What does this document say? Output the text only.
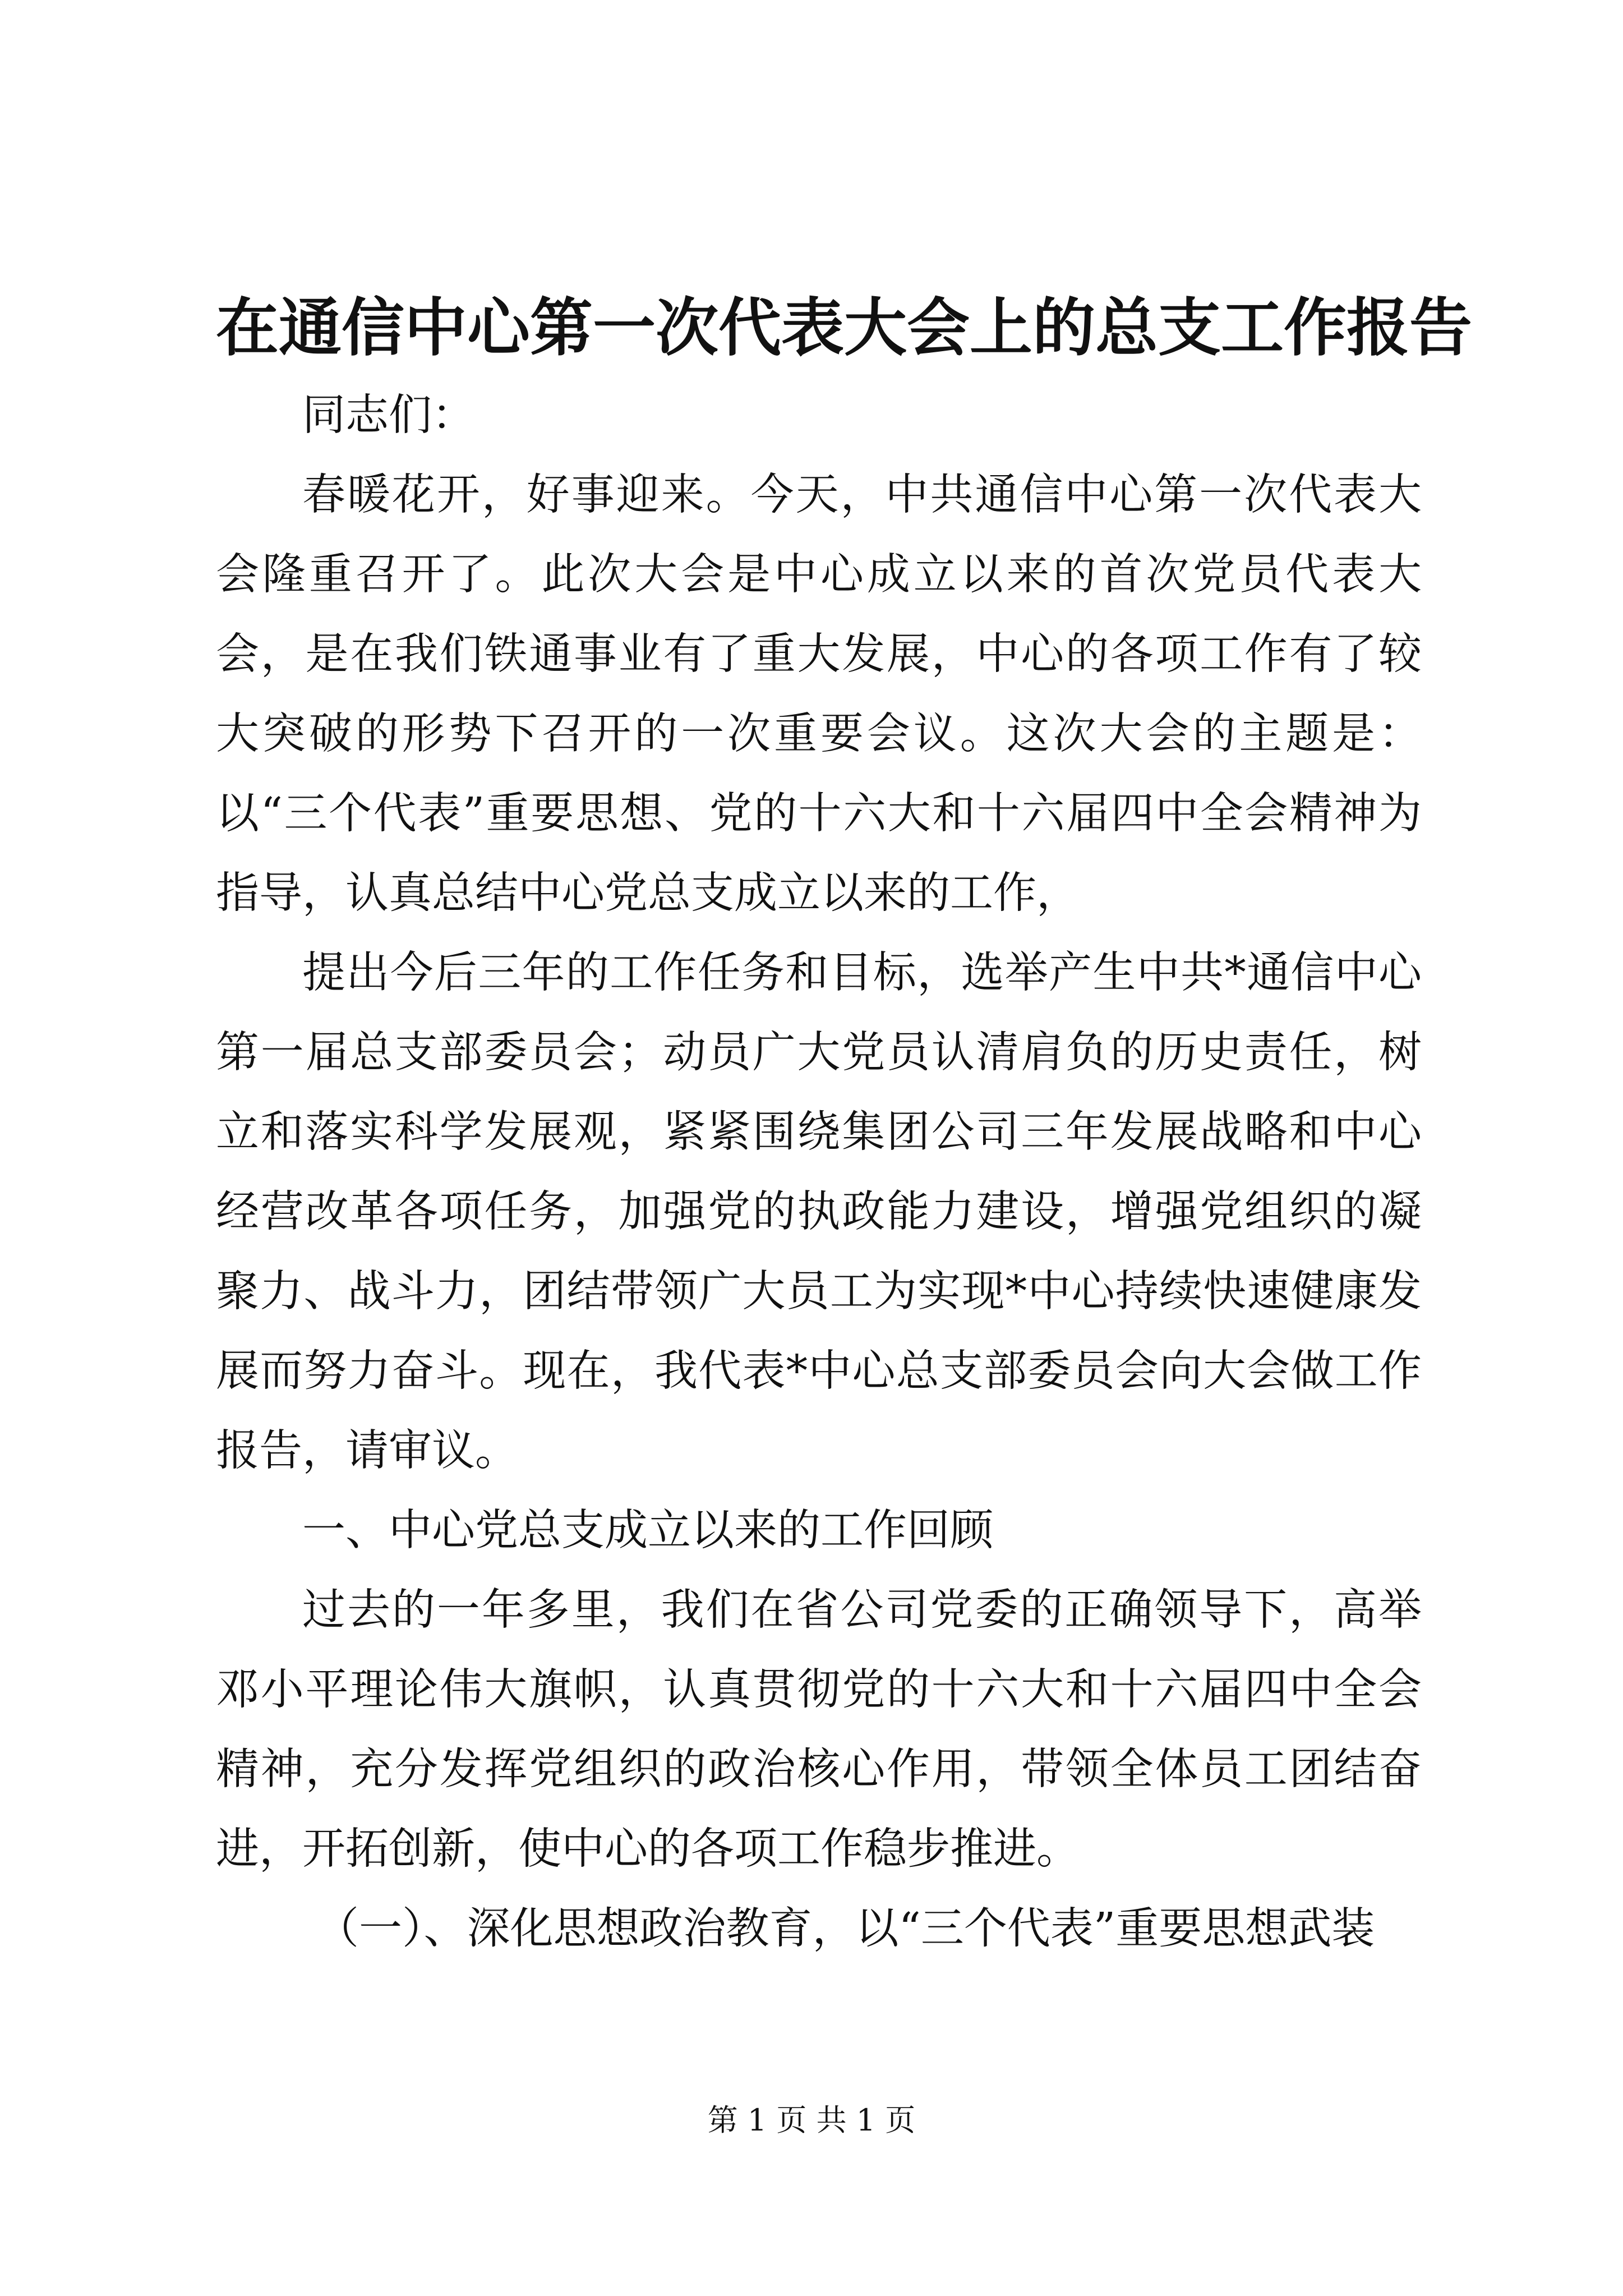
在通信中心第一次代表大会上的总支工作报告

同志们：

春暖花开，好事迎来。今天，中共通信中心第一次代表大会隆重召开了。此次大会是中心成立以来的首次党员代表大会，是在我们铁通事业有了重大发展，中心的各项工作有了较大突破的形势下召开的一次重要会议。这次大会的主题是：以“三个代表”重要思想、党的十六大和十六届四中全会精神为指导，认真总结中心党总支成立以来的工作，

提出今后三年的工作任务和目标，选举产生中共*通信中心第一届总支部委员会；动员广大党员认清肩负的历史责任，树立和落实科学发展观，紧紧围绕集团公司三年发展战略和中心经营改革各项任务，加强党的执政能力建设，增强党组织的凝聚力、战斗力，团结带领广大员工为实现*中心持续快速健康发展而努力奋斗。现在，我代表*中心总支部委员会向大会做工作报告，请审议。

一、中心党总支成立以来的工作回顾

过去的一年多里，我们在省公司党委的正确领导下，高举邓小平理论伟大旗帜，认真贯彻党的十六大和十六届四中全会精神，充分发挥党组织的政治核心作用，带领全体员工团结奋进，开拓创新，使中心的各项工作稳步推进。

（一）、深化思想政治教育，以“三个代表”重要思想武装

第 1 页 共 1 页
